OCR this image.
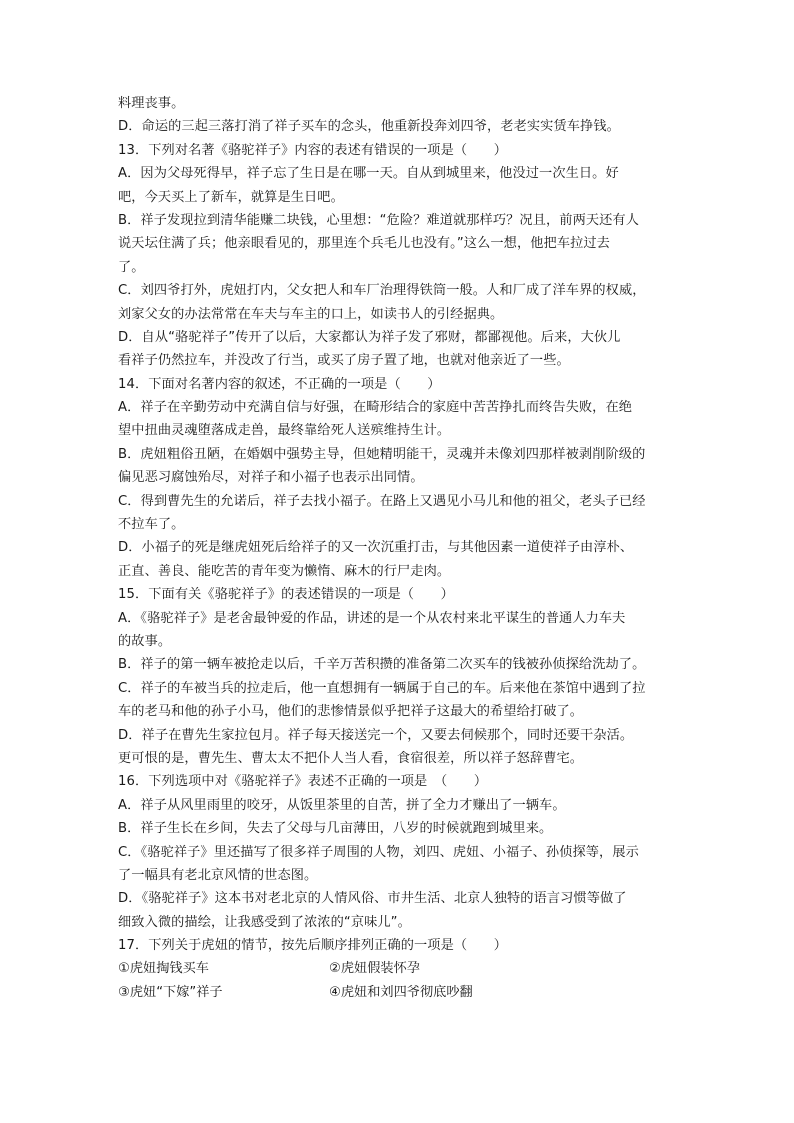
料理丧事。
D．命运的三起三落打消了祥子买车的念头，他重新投奔刘四爷，老老实实赁车挣钱。
13．下列对名著《骆驼祥子》内容的表述有错误的一项是（　　）
A．因为父母死得早，祥子忘了生日是在哪一天。自从到城里来，他没过一次生日。好
吧，今天买上了新车，就算是生日吧。
B．祥子发现拉到清华能赚二块钱，心里想：“危险？难道就那样巧？况且，前两天还有人
说天坛住满了兵；他亲眼看见的，那里连个兵毛儿也没有。”这么一想，他把车拉过去
了。
C．刘四爷打外，虎妞打内，父女把人和车厂治理得铁筒一般。人和厂成了洋车界的权威，
刘家父女的办法常常在车夫与车主的口上，如读书人的引经据典。
D．自从“骆驼祥子”传开了以后，大家都认为祥子发了邪财，都鄙视他。后来，大伙儿
看祥子仍然拉车，并没改了行当，或买了房子置了地，也就对他亲近了一些。
14．下面对名著内容的叙述，不正确的一项是（　　）
A．祥子在辛勤劳动中充满自信与好强，在畸形结合的家庭中苦苦挣扎而终告失败，在绝
望中扭曲灵魂堕落成走兽，最终靠给死人送殡维持生计。
B．虎妞粗俗丑陋，在婚姻中强势主导，但她精明能干，灵魂并未像刘四那样被剥削阶级的
偏见恶习腐蚀殆尽，对祥子和小福子也表示出同情。
C．得到曹先生的允诺后，祥子去找小福子。在路上又遇见小马儿和他的祖父，老头子已经
不拉车了。
D．小福子的死是继虎妞死后给祥子的又一次沉重打击，与其他因素一道使祥子由淳朴、
正直、善良、能吃苦的青年变为懒惰、麻木的行尸走肉。
15．下面有关《骆驼祥子》的表述错误的一项是（　　）
A．《骆驼祥子》是老舍最钟爱的作品，讲述的是一个从农村来北平谋生的普通人力车夫
的故事。
B．祥子的第一辆车被抢走以后，千辛万苦积攒的准备第二次买车的钱被孙侦探给洗劫了。
C．祥子的车被当兵的拉走后，他一直想拥有一辆属于自己的车。后来他在茶馆中遇到了拉
车的老马和他的孙子小马，他们的悲惨情景似乎把祥子这最大的希望给打破了。
D．祥子在曹先生家拉包月。祥子每天接送完一个，又要去伺候那个，同时还要干杂活。
更可恨的是，曹先生、曹太太不把仆人当人看，食宿很差，所以祥子怒辞曹宅。
16．下列选项中对《骆驼祥子》表述不正确的一项是　（　　）
A．祥子从风里雨里的咬牙，从饭里茶里的自苦，拼了全力才赚出了一辆车。
B．祥子生长在乡间，失去了父母与几亩薄田，八岁的时候就跑到城里来。
C．《骆驼祥子》里还描写了很多祥子周围的人物，刘四、虎妞、小福子、孙侦探等，展示
了一幅具有老北京风情的世态图。
D．《骆驼祥子》这本书对老北京的人情风俗、市井生活、北京人独特的语言习惯等做了
细致入微的描绘，让我感受到了浓浓的“京味儿”。
17．下列关于虎妞的情节，按先后顺序排列正确的一项是（　　）
①虎妞掏钱买车	②虎妞假装怀孕
③虎妞“下嫁”祥子	④虎妞和刘四爷彻底吵翻
